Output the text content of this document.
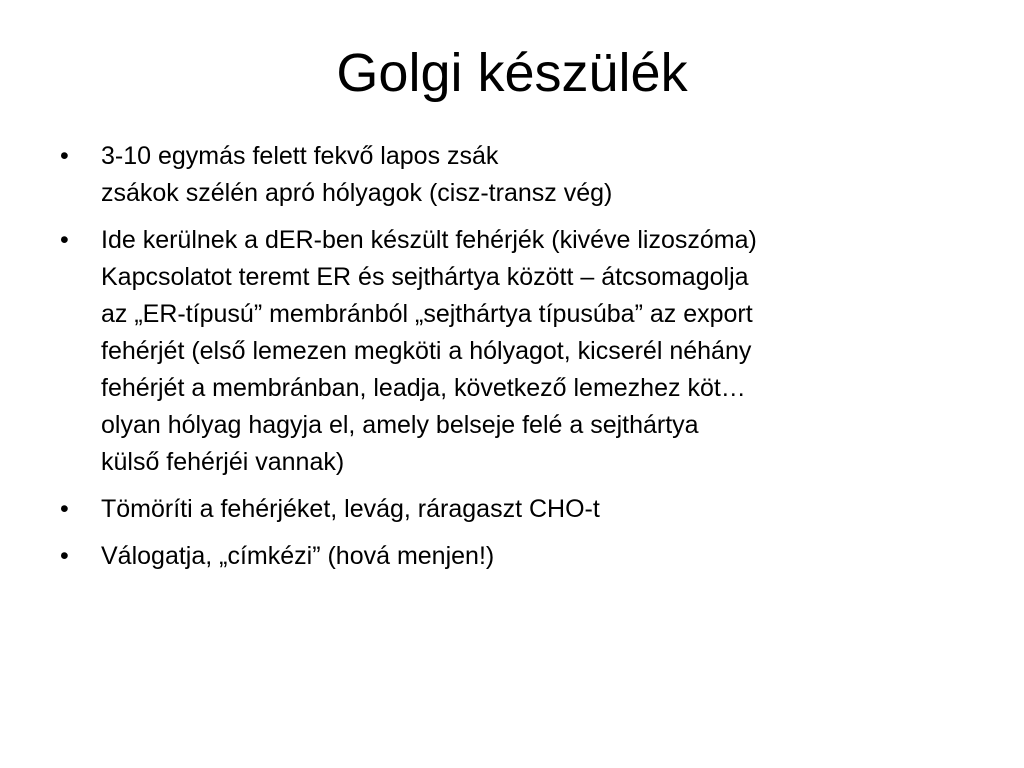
Golgi készülék
• 3-10 egymás felett fekvő lapos zsák
zsákok szélén apró hólyagok (cisz-transz vég)
• Ide kerülnek a dER-ben készült fehérjék (kivéve lizoszóma)
Kapcsolatot teremt ER és sejthártya között – átcsomagolja
az „ER-típusú” membránból „sejthártya típusúba” az export
fehérjét (első lemezen megköti a hólyagot, kicserél néhány
fehérjét a membránban, leadja, következő lemezhez köt…
olyan hólyag hagyja el, amely belseje felé a sejthártya
külső fehérjéi vannak)
• Tömöríti a fehérjéket, levág, ráragaszt CHO-t
• Válogatja, „címkézi” (hová menjen!)
